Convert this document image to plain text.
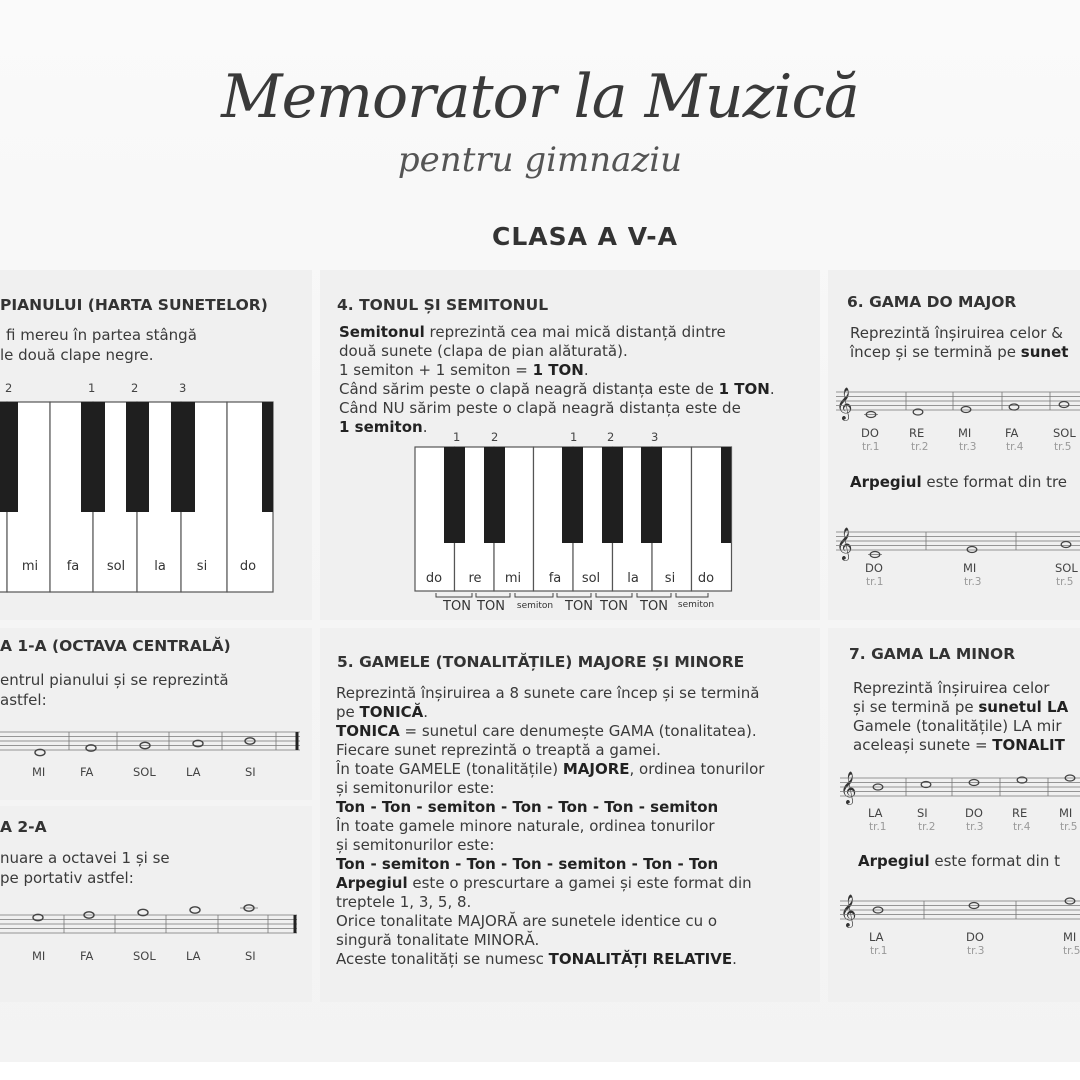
Memorator la Muzică
pentru gimnaziu
CLASA A V-A
PIANULUI (HARTA SUNETELOR)
fi mereu în partea stângă
le două clape negre.
2	1	2	3
mi fa sol la si	do
A 1-A (OCTAVA CENTRALĂ)
entrul pianului și se reprezintă
astfel:
MI	FA	SOL	LA	SI
A 2-A
nuare a octavei 1 și se
pe portativ astfel:
MI	FA	SOL	LA	SI
4. TONUL ȘI SEMITONUL
Semitonul reprezintă cea mai mică distanță dintre
două sunete (clapa de pian alăturată).
1 semiton + 1 semiton = 1 TON.
Când sărim peste o clapă neagră distanța este de 1 TON.
Când NU sărim peste o clapă neagră distanța este de
1 semiton.
1	2	1	2	3
do re mi fa sol la si do
TON TON semiton TON TON TON semiton
5. GAMELE (TONALITĂȚILE) MAJORE ȘI MINORE
Reprezintă înșiruirea a 8 sunete care încep și se termină
pe TONICĂ.
TONICA = sunetul care denumește GAMA (tonalitatea).
Fiecare sunet reprezintă o treaptă a gamei.
În toate GAMELE (tonalitățile) MAJORE, ordinea tonurilor
și semitonurilor este:
Ton - Ton - semiton - Ton - Ton - Ton - semiton
În toate gamele minore naturale, ordinea tonurilor
și semitonurilor este:
Ton - semiton - Ton - Ton - semiton - Ton - Ton
Arpegiul este o prescurtare a gamei și este format din
treptele 1, 3, 5, 8.
Orice tonalitate MAJORĂ are sunetele identice cu o
singură tonalitate MINORĂ.
Aceste tonalități se numesc TONALITĂȚI RELATIVE.
6. GAMA DO MAJOR
Reprezintă înșiruirea celor &
încep și se termină pe sunet
𝄞
DO	RE	MI	FA	SOL
tr.1	tr.2	tr.3	tr.4	tr.5
Arpegiul este format din tre
𝄞
DO	MI	SOL
tr.1	tr.3	tr.5
7. GAMA LA MINOR
Reprezintă înșiruirea celor
și se termină pe sunetul LA
Gamele (tonalitățile) LA mir
aceleași sunete = TONALIT
𝄞
LA	SI	DO	RE	MI
tr.1	tr.2	tr.3	tr.4	tr.5
Arpegiul este format din t
𝄞
LA	DO	MI
tr.1	tr.3	tr.5
